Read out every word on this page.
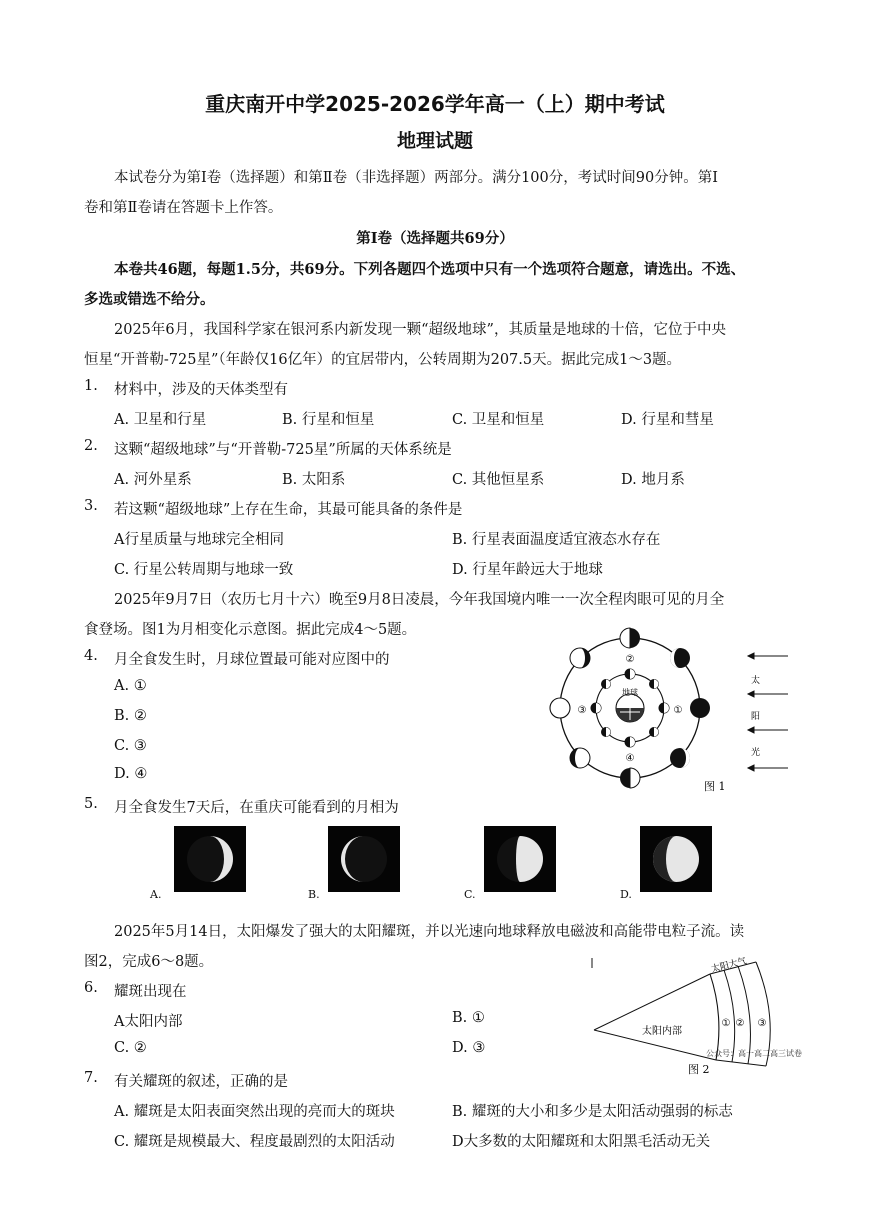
重庆南开中学2025-2026学年高一（上）期中考试
地理试题
本试卷分为第Ⅰ卷（选择题）和第Ⅱ卷（非选择题）两部分。满分100分，考试时间90分钟。第Ⅰ
卷和第Ⅱ卷请在答题卡上作答。
第Ⅰ卷（选择题共69分）
本卷共46题，每题1.5分，共69分。下列各题四个选项中只有一个选项符合题意，请选出。不选、
多选或错选不给分。
2025年6月，我国科学家在银河系内新发现一颗“超级地球”，其质量是地球的十倍，它位于中央
恒星“开普勒-725星”（年龄仅16亿年）的宜居带内，公转周期为207.5天。据此完成1～3题。
1. 材料中，涉及的天体类型有
A. 卫星和行星	B. 行星和恒星	C. 卫星和恒星	D. 行星和彗星
2. 这颗“超级地球”与“开普勒-725星”所属的天体系统是
A. 河外星系	B. 太阳系	C. 其他恒星系	D. 地月系
3. 若这颗“超级地球”上存在生命，其最可能具备的条件是
A行星质量与地球完全相同	B. 行星表面温度适宜液态水存在
C. 行星公转周期与地球一致	D. 行星年龄远大于地球
2025年9月7日（农历七月十六）晚至9月8日凌晨，今年我国境内唯一一次全程肉眼可见的月全
食登场。图1为月相变化示意图。据此完成4～5题。
4. 月全食发生时，月球位置最可能对应图中的
A. ①
B. ②
C. ③
D. ④
地球
①
②
③
④
太
阳
光
图 1
5. 月全食发生7天后，在重庆可能看到的月相为
A.	B.	C.	D.
2025年5月14日，太阳爆发了强大的太阳耀斑，并以光速向地球释放电磁波和高能带电粒子流。读
图2，完成6～8题。
6. 耀斑出现在
A太阳内部	B. ①
C. ②	D. ③
太阳内部
太阳大气
① ② ③
公众号：高一高二高三试卷
图 2
7. 有关耀斑的叙述，正确的是
A. 耀斑是太阳表面突然出现的亮而大的斑块	B. 耀斑的大小和多少是太阳活动强弱的标志
C. 耀斑是规模最大、程度最剧烈的太阳活动	D大多数的太阳耀斑和太阳黑毛活动无关
